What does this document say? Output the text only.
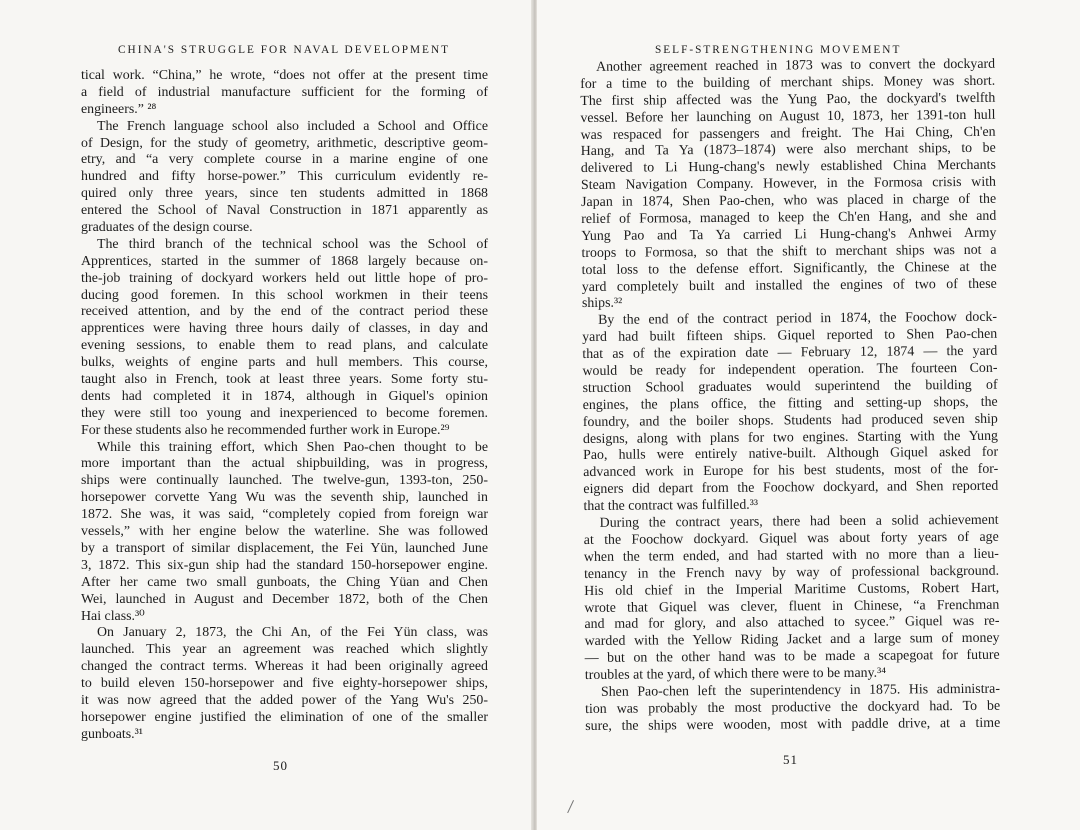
CHINA'S STRUGGLE FOR NAVAL DEVELOPMENT
tical work. “China,” he wrote, “does not offer at the present time
a field of industrial manufacture sufficient for the forming of
engineers.” ²⁸
The French language school also included a School and Office
of Design, for the study of geometry, arithmetic, descriptive geom-
etry, and “a very complete course in a marine engine of one
hundred and fifty horse-power.” This curriculum evidently re-
quired only three years, since ten students admitted in 1868
entered the School of Naval Construction in 1871 apparently as
graduates of the design course.
The third branch of the technical school was the School of
Apprentices, started in the summer of 1868 largely because on-
the-job training of dockyard workers held out little hope of pro-
ducing good foremen. In this school workmen in their teens
received attention, and by the end of the contract period these
apprentices were having three hours daily of classes, in day and
evening sessions, to enable them to read plans, and calculate
bulks, weights of engine parts and hull members. This course,
taught also in French, took at least three years. Some forty stu-
dents had completed it in 1874, although in Giquel's opinion
they were still too young and inexperienced to become foremen.
For these students also he recommended further work in Europe.²⁹
While this training effort, which Shen Pao-chen thought to be
more important than the actual shipbuilding, was in progress,
ships were continually launched. The twelve-gun, 1393-ton, 250-
horsepower corvette Yang Wu was the seventh ship, launched in
1872. She was, it was said, “completely copied from foreign war
vessels,” with her engine below the waterline. She was followed
by a transport of similar displacement, the Fei Yün, launched June
3, 1872. This six-gun ship had the standard 150-horsepower engine.
After her came two small gunboats, the Ching Yüan and Chen
Wei, launched in August and December 1872, both of the Chen
Hai class.³⁰
On January 2, 1873, the Chi An, of the Fei Yün class, was
launched. This year an agreement was reached which slightly
changed the contract terms. Whereas it had been originally agreed
to build eleven 150-horsepower and five eighty-horsepower ships,
it was now agreed that the added power of the Yang Wu's 250-
horsepower engine justified the elimination of one of the smaller
gunboats.³¹
50
SELF-STRENGTHENING MOVEMENT
Another agreement reached in 1873 was to convert the dockyard
for a time to the building of merchant ships. Money was short.
The first ship affected was the Yung Pao, the dockyard's twelfth
vessel. Before her launching on August 10, 1873, her 1391-ton hull
was respaced for passengers and freight. The Hai Ching, Ch'en
Hang, and Ta Ya (1873–1874) were also merchant ships, to be
delivered to Li Hung-chang's newly established China Merchants
Steam Navigation Company. However, in the Formosa crisis with
Japan in 1874, Shen Pao-chen, who was placed in charge of the
relief of Formosa, managed to keep the Ch'en Hang, and she and
Yung Pao and Ta Ya carried Li Hung-chang's Anhwei Army
troops to Formosa, so that the shift to merchant ships was not a
total loss to the defense effort. Significantly, the Chinese at the
yard completely built and installed the engines of two of these
ships.³²
By the end of the contract period in 1874, the Foochow dock-
yard had built fifteen ships. Giquel reported to Shen Pao-chen
that as of the expiration date — February 12, 1874 — the yard
would be ready for independent operation. The fourteen Con-
struction School graduates would superintend the building of
engines, the plans office, the fitting and setting-up shops, the
foundry, and the boiler shops. Students had produced seven ship
designs, along with plans for two engines. Starting with the Yung
Pao, hulls were entirely native-built. Although Giquel asked for
advanced work in Europe for his best students, most of the for-
eigners did depart from the Foochow dockyard, and Shen reported
that the contract was fulfilled.³³
During the contract years, there had been a solid achievement
at the Foochow dockyard. Giquel was about forty years of age
when the term ended, and had started with no more than a lieu-
tenancy in the French navy by way of professional background.
His old chief in the Imperial Maritime Customs, Robert Hart,
wrote that Giquel was clever, fluent in Chinese, “a Frenchman
and mad for glory, and also attached to sycee.” Giquel was re-
warded with the Yellow Riding Jacket and a large sum of money
— but on the other hand was to be made a scapegoat for future
troubles at the yard, of which there were to be many.³⁴
Shen Pao-chen left the superintendency in 1875. His administra-
tion was probably the most productive the dockyard had. To be
sure, the ships were wooden, most with paddle drive, at a time
51
